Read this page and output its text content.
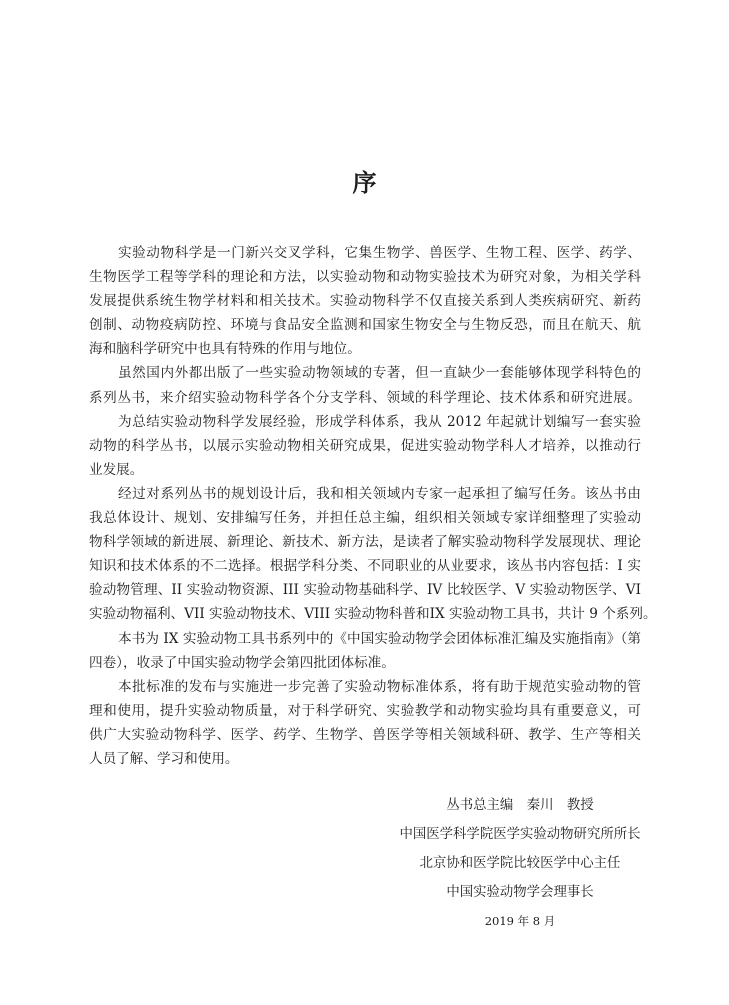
序
实验动物科学是一门新兴交叉学科，它集生物学、兽医学、生物工程、医学、药学、
生物医学工程等学科的理论和方法，以实验动物和动物实验技术为研究对象，为相关学科
发展提供系统生物学材料和相关技术。实验动物科学不仅直接关系到人类疾病研究、新药
创制、动物疫病防控、环境与食品安全监测和国家生物安全与生物反恐，而且在航天、航
海和脑科学研究中也具有特殊的作用与地位。
虽然国内外都出版了一些实验动物领域的专著，但一直缺少一套能够体现学科特色的
系列丛书，来介绍实验动物科学各个分支学科、领域的科学理论、技术体系和研究进展。
为总结实验动物科学发展经验，形成学科体系，我从 2012 年起就计划编写一套实验
动物的科学丛书，以展示实验动物相关研究成果，促进实验动物学科人才培养，以推动行
业发展。
经过对系列丛书的规划设计后，我和相关领域内专家一起承担了编写任务。该丛书由
我总体设计、规划、安排编写任务，并担任总主编，组织相关领域专家详细整理了实验动
物科学领域的新进展、新理论、新技术、新方法，是读者了解实验动物科学发展现状、理论
知识和技术体系的不二选择。根据学科分类、不同职业的从业要求，该丛书内容包括：I 实
验动物管理、II 实验动物资源、III 实验动物基础科学、IV 比较医学、V 实验动物医学、VI
实验动物福利、VII 实验动物技术、VIII 实验动物科普和IX 实验动物工具书，共计 9 个系列。
本书为 IX 实验动物工具书系列中的《中国实验动物学会团体标准汇编及实施指南》（第
四卷），收录了中国实验动物学会第四批团体标准。
本批标准的发布与实施进一步完善了实验动物标准体系，将有助于规范实验动物的管
理和使用，提升实验动物质量，对于科学研究、实验教学和动物实验均具有重要意义，可
供广大实验动物科学、医学、药学、生物学、兽医学等相关领域科研、教学、生产等相关
人员了解、学习和使用。
丛书总主编　秦川　教授
中国医学科学院医学实验动物研究所所长
北京协和医学院比较医学中心主任
中国实验动物学会理事长
2019 年 8 月
